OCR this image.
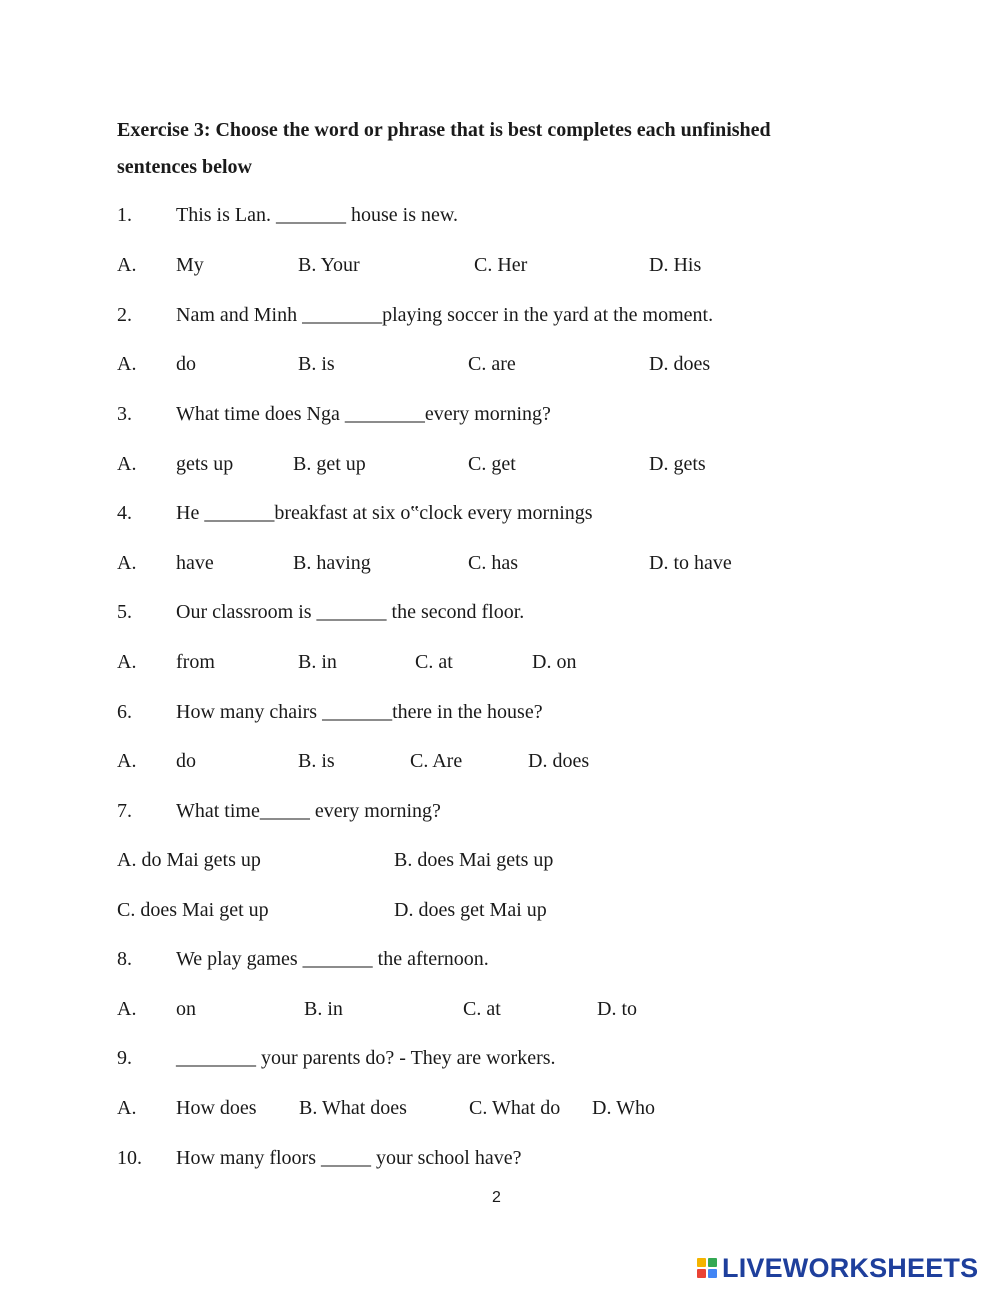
Exercise 3: Choose the word or phrase that is best completes each unfinished
sentences below
1. This is Lan. _______ house is new.
A. My	B. Your	C. Her	D. His
2. Nam and Minh ________playing soccer in the yard at the moment.
A. do	B. is	C. are	D. does
3. What time does Nga ________every morning?
A. gets up	B. get up	C. get	D. gets
4. He _______breakfast at six o‟clock every mornings
A. have	B. having	C. has	D. to have
5. Our classroom is _______ the second floor.
A. from	B. in	C. at	D. on
6. How many chairs _______there in the house?
A. do	B. is	C. Are	D. does
7. What time_____ every morning?
A. do Mai gets up	B. does Mai gets up
C. does Mai get up	D. does get Mai up
8. We play games _______ the afternoon.
A. on	B. in	C. at	D. to
9. ________ your parents do? - They are workers.
A. How does B. What does	C. What do D. Who
10. How many floors _____ your school have?
2
LIVEWORKSHEETS
